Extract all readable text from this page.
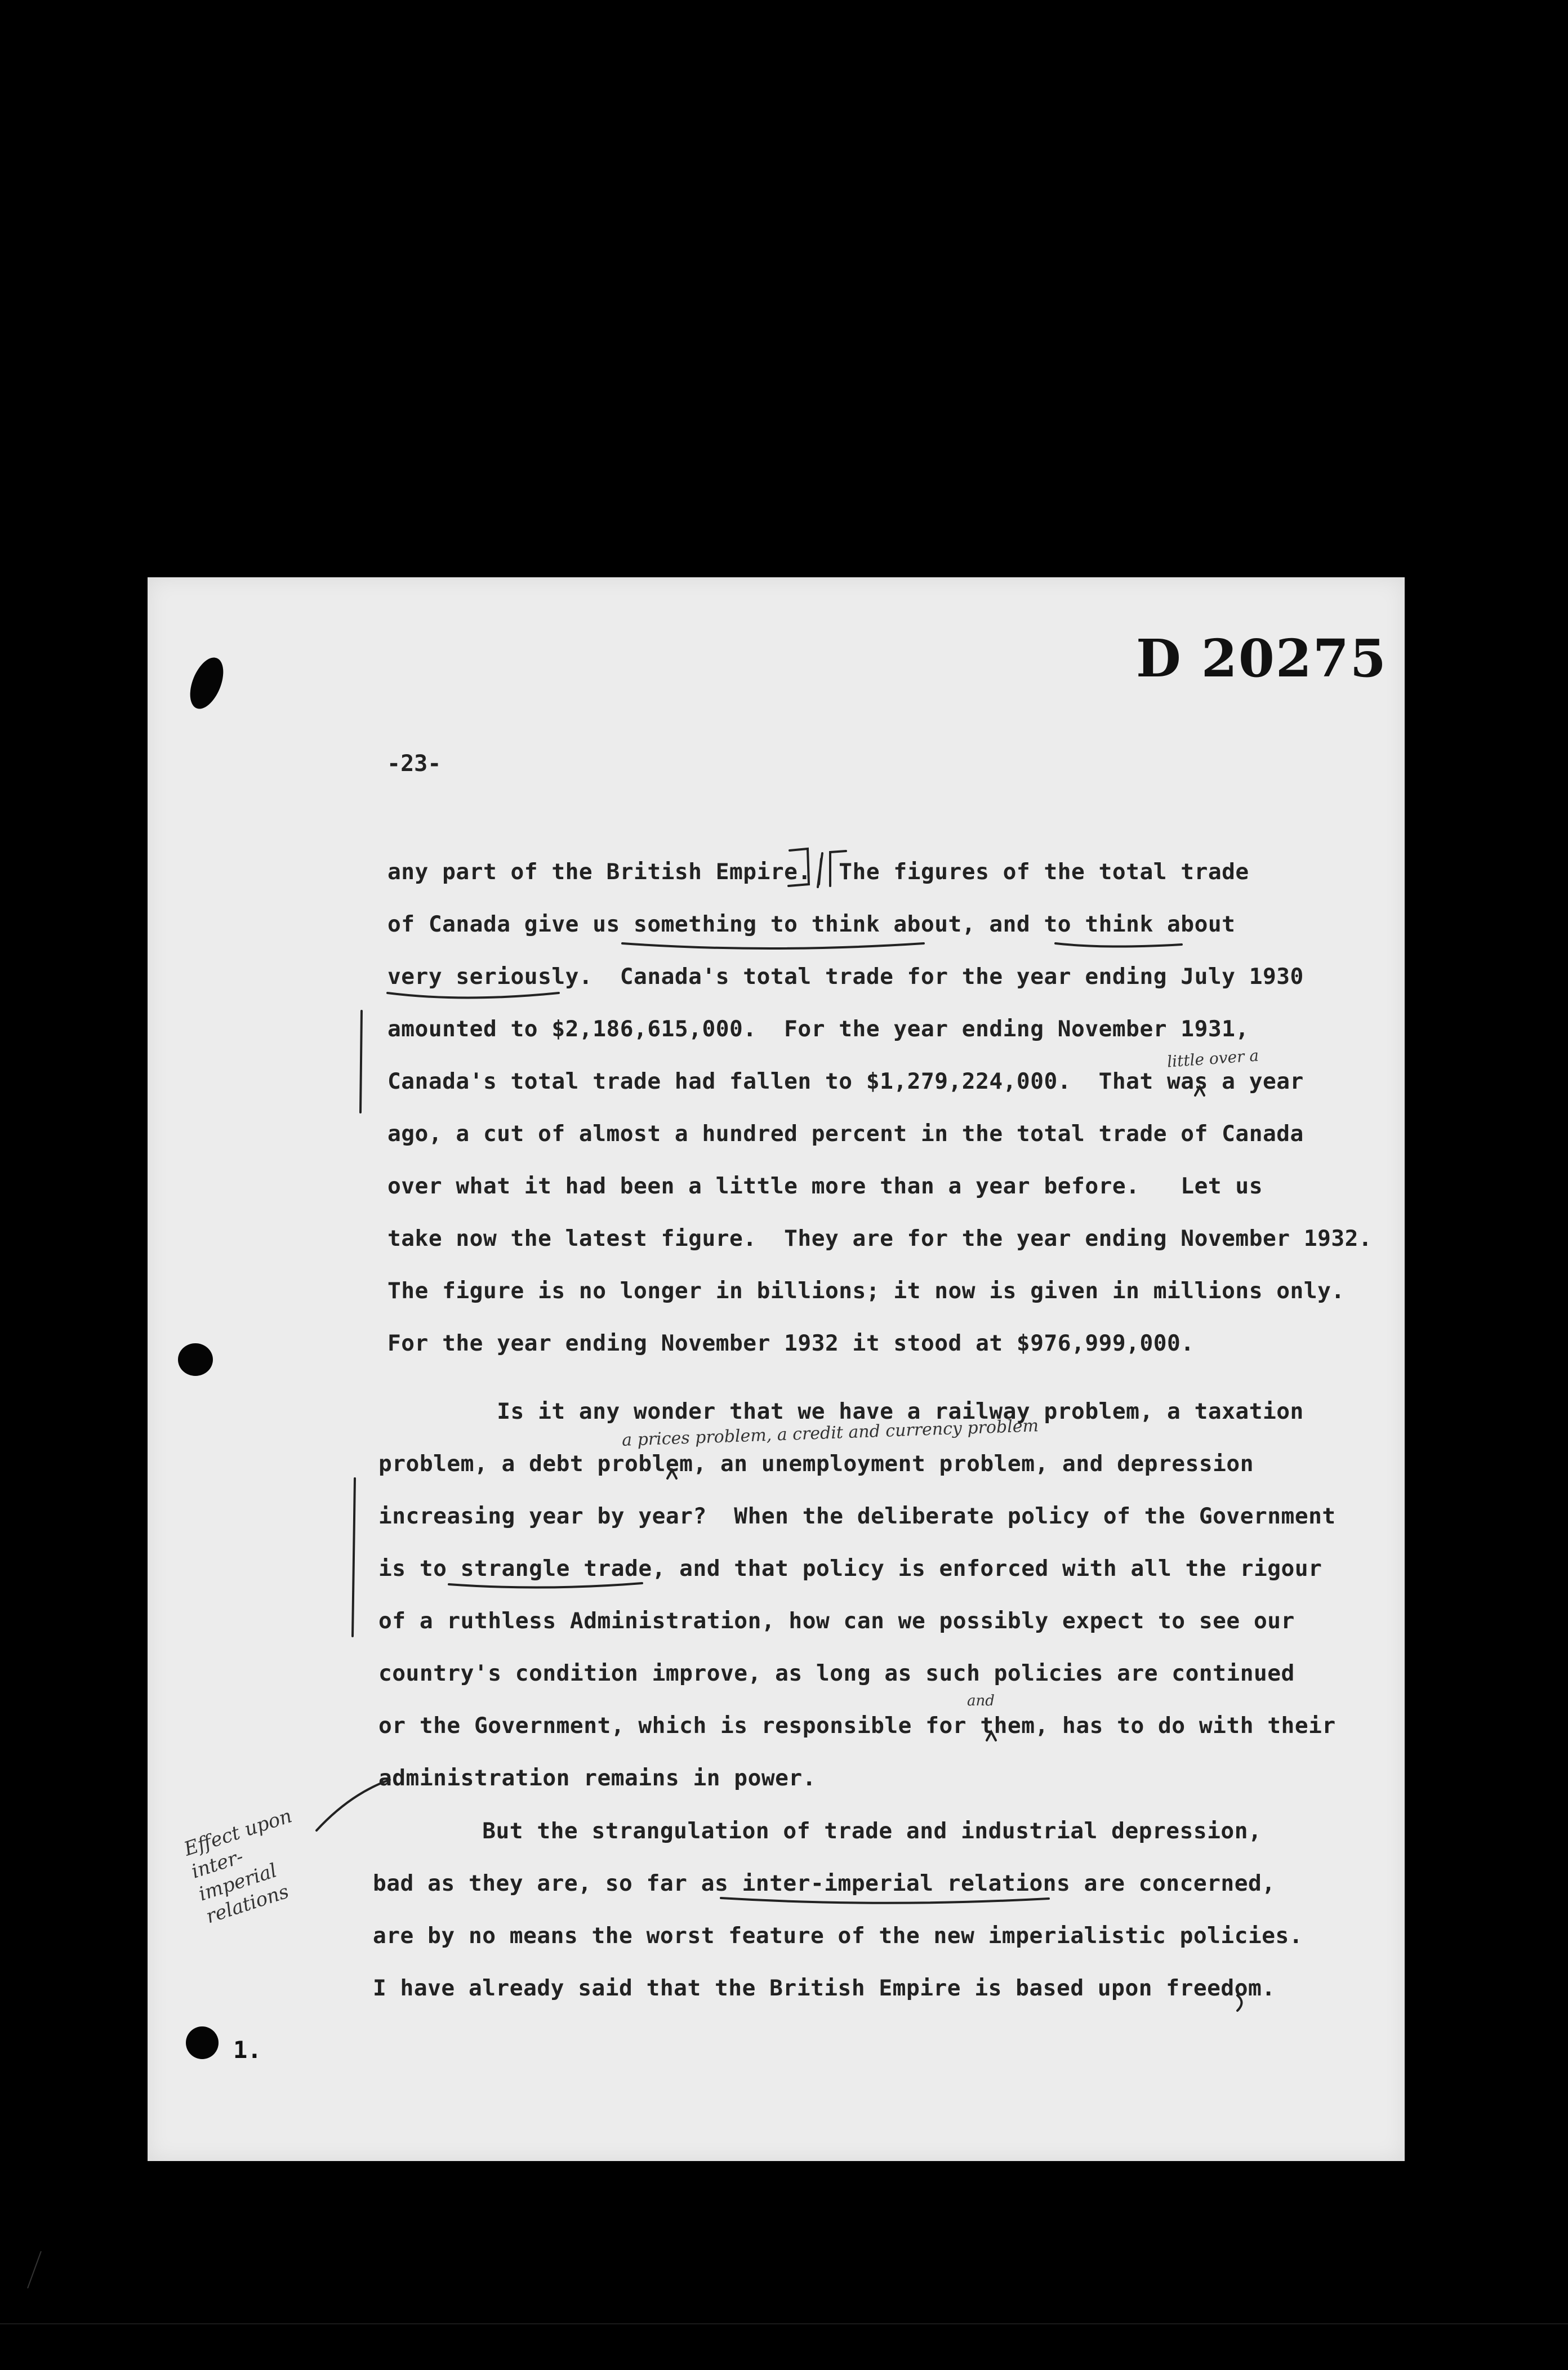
D 20275
-23-
any part of the British Empire.  The figures of the total trade
of Canada give us something to think about, and to think about
very seriously.  Canada's total trade for the year ending July 1930
amounted to $2,186,615,000.  For the year ending November 1931,
Canada's total trade had fallen to $1,279,224,000.  That was a year
ago, a cut of almost a hundred percent in the total trade of Canada
over what it had been a little more than a year before.   Let us
take now the latest figure.  They are for the year ending November 1932.
The figure is no longer in billions; it now is given in millions only.
For the year ending November 1932 it stood at $976,999,000.
Is it any wonder that we have a railway problem, a taxation
problem, a debt problem, an unemployment problem, and depression
increasing year by year?  When the deliberate policy of the Government
is to strangle trade, and that policy is enforced with all the rigour
of a ruthless Administration, how can we possibly expect to see our
country's condition improve, as long as such policies are continued
or the Government, which is responsible for them, has to do with their
administration remains in power.
But the strangulation of trade and industrial depression,
bad as they are, so far as inter-imperial relations are concerned,
are by no means the worst feature of the new imperialistic policies.
I have already said that the British Empire is based upon freedom.
little over a
a prices problem, a credit and currency problem
and
Effect upon inter-imperial relations
1.
